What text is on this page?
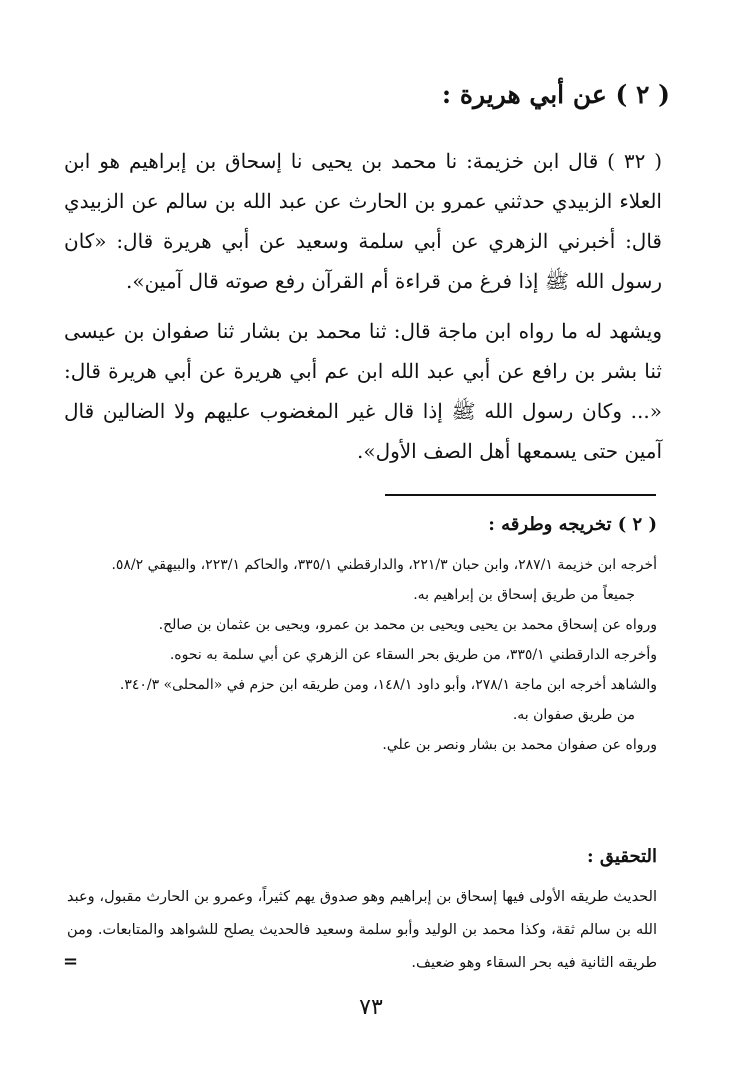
( ٢ ) عن أبي هريرة :

( ٣٢ ) قال ابن خزيمة: نا محمد بن يحيى نا إسحاق بن إبراهيم هو ابن العلاء الزبيدي حدثني عمرو بن الحارث عن عبد الله بن سالم عن الزبيدي قال: أخبرني الزهري عن أبي سلمة وسعيد عن أبي هريرة قال: «كان رسول الله ﷺ إذا فرغ من قراءة أم القرآن رفع صوته قال آمين».

ويشهد له ما رواه ابن ماجة قال: ثنا محمد بن بشار ثنا صفوان بن عيسى ثنا بشر بن رافع عن أبي عبد الله ابن عم أبي هريرة عن أبي هريرة قال: «... وكان رسول الله ﷺ إذا قال غير المغضوب عليهم ولا الضالين قال آمين حتى يسمعها أهل الصف الأول».

( ٢ ) تخريجه وطرقه :

أخرجه ابن خزيمة ٢٨٧/١، وابن حبان ٢٢١/٣، والدارقطني ٣٣٥/١، والحاكم ٢٢٣/١، والبيهقي ٥٨/٢.

جميعاً من طريق إسحاق بن إبراهيم به.

ورواه عن إسحاق محمد بن يحيى ويحيى بن محمد بن عمرو، ويحيى بن عثمان بن صالح.

وأخرجه الدارقطني ٣٣٥/١، من طريق بحر السقاء عن الزهري عن أبي سلمة به نحوه.

والشاهد أخرجه ابن ماجة ٢٧٨/١، وأبو داود ١٤٨/١، ومن طريقه ابن حزم في «المحلى» ٣٤٠/٣.

من طريق صفوان به.

ورواه عن صفوان محمد بن بشار ونصر بن علي.

التحقيق :

الحديث طريقه الأولى فيها إسحاق بن إبراهيم وهو صدوق يهم كثيراً، وعمرو بن الحارث مقبول، وعبد الله بن سالم ثقة، وكذا محمد بن الوليد وأبو سلمة وسعيد فالحديث يصلح للشواهد والمتابعات. ومن طريقه الثانية فيه بحر السقاء وهو ضعيف.

=
٧٣
